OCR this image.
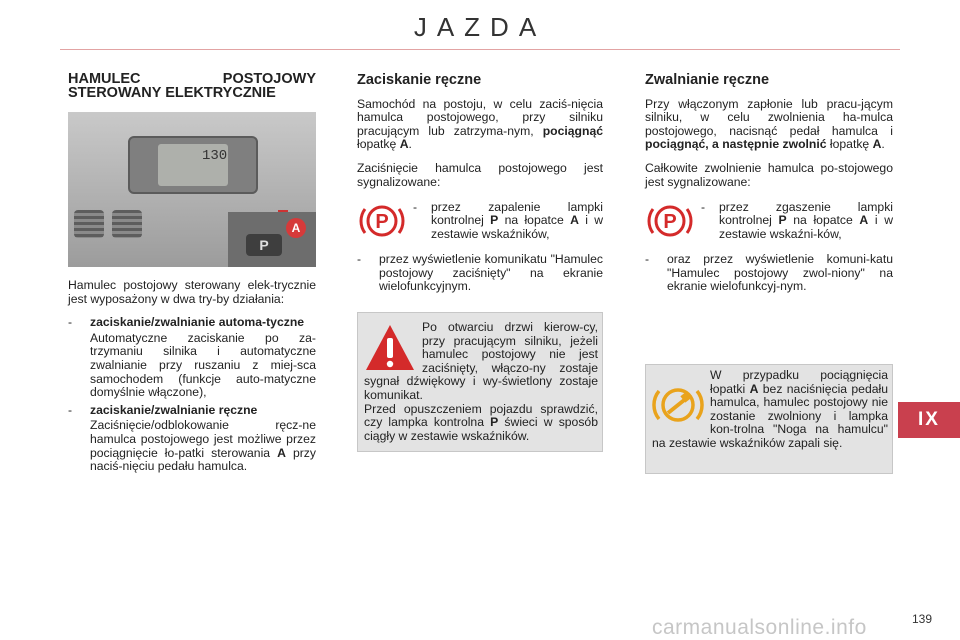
JAZDA
HAMULEC POSTOJOWY STEROWANY ELEKTRYCZNIE
130
P
A

Hamulec postojowy sterowany elek-trycznie jest wyposażony w dwa try-by działania:

- zaciskanie/zwalnianie automa-tyczne

Automatyczne zaciskanie po za-trzymaniu silnika i automatyczne zwalnianie przy ruszaniu z miej-sca samochodem (funkcje auto-matyczne domyślnie włączone),

- zaciskanie/zwalnianie ręczne

Zaciśnięcie/odblokowanie ręcz-ne hamulca postojowego jest możliwe przez pociągnięcie ło-patki sterowania A przy naciś-nięciu pedału hamulca.

Zaciskanie ręczne

Samochód na postoju, w celu zaciś-nięcia hamulca postojowego, przy silniku pracującym lub zatrzyma-nym, pociągnąć łopatkę A.

Zaciśnięcie hamulca postojowego jest sygnalizowane:

P
- przez zapalenie lampki kontrolnej P na łopatce A i w zestawie wskaźników,
- przez wyświetlenie komunikatu "Hamulec postojowy zaciśnięty" na ekranie wielofunkcyjnym.
Po otwarciu drzwi kierow-cy, przy pracującym silniku, jeżeli hamulec postojowy nie jest zaciśnięty, włączo-ny zostaje sygnał dźwiękowy i wy-świetlony zostaje komunikat.
Przed opuszczeniem pojazdu sprawdzić, czy lampka kontrolna P świeci w sposób ciągły w zestawie wskaźników.
Zwalnianie ręczne

Przy włączonym zapłonie lub pracu-jącym silniku, w celu zwolnienia ha-mulca postojowego, nacisnąć pedał hamulca i pociągnąć, a następnie zwolnić łopatkę A.

Całkowite zwolnienie hamulca po-stojowego jest sygnalizowane:

P
- przez zgaszenie lampki kontrolnej P na łopatce A i w zestawie wskaźni-ków,
- oraz przez wyświetlenie komuni-katu "Hamulec postojowy zwol-niony" na ekranie wielofunkcyj-nym.
W przypadku pociągnięcia łopatki A bez naciśnięcia pedału hamulca, hamulec postojowy nie zostanie zwolniony i lampka kon-trolna "Noga na hamulcu" na zestawie wskaźników zapali się.
IX
carmanualsonline.info	139
